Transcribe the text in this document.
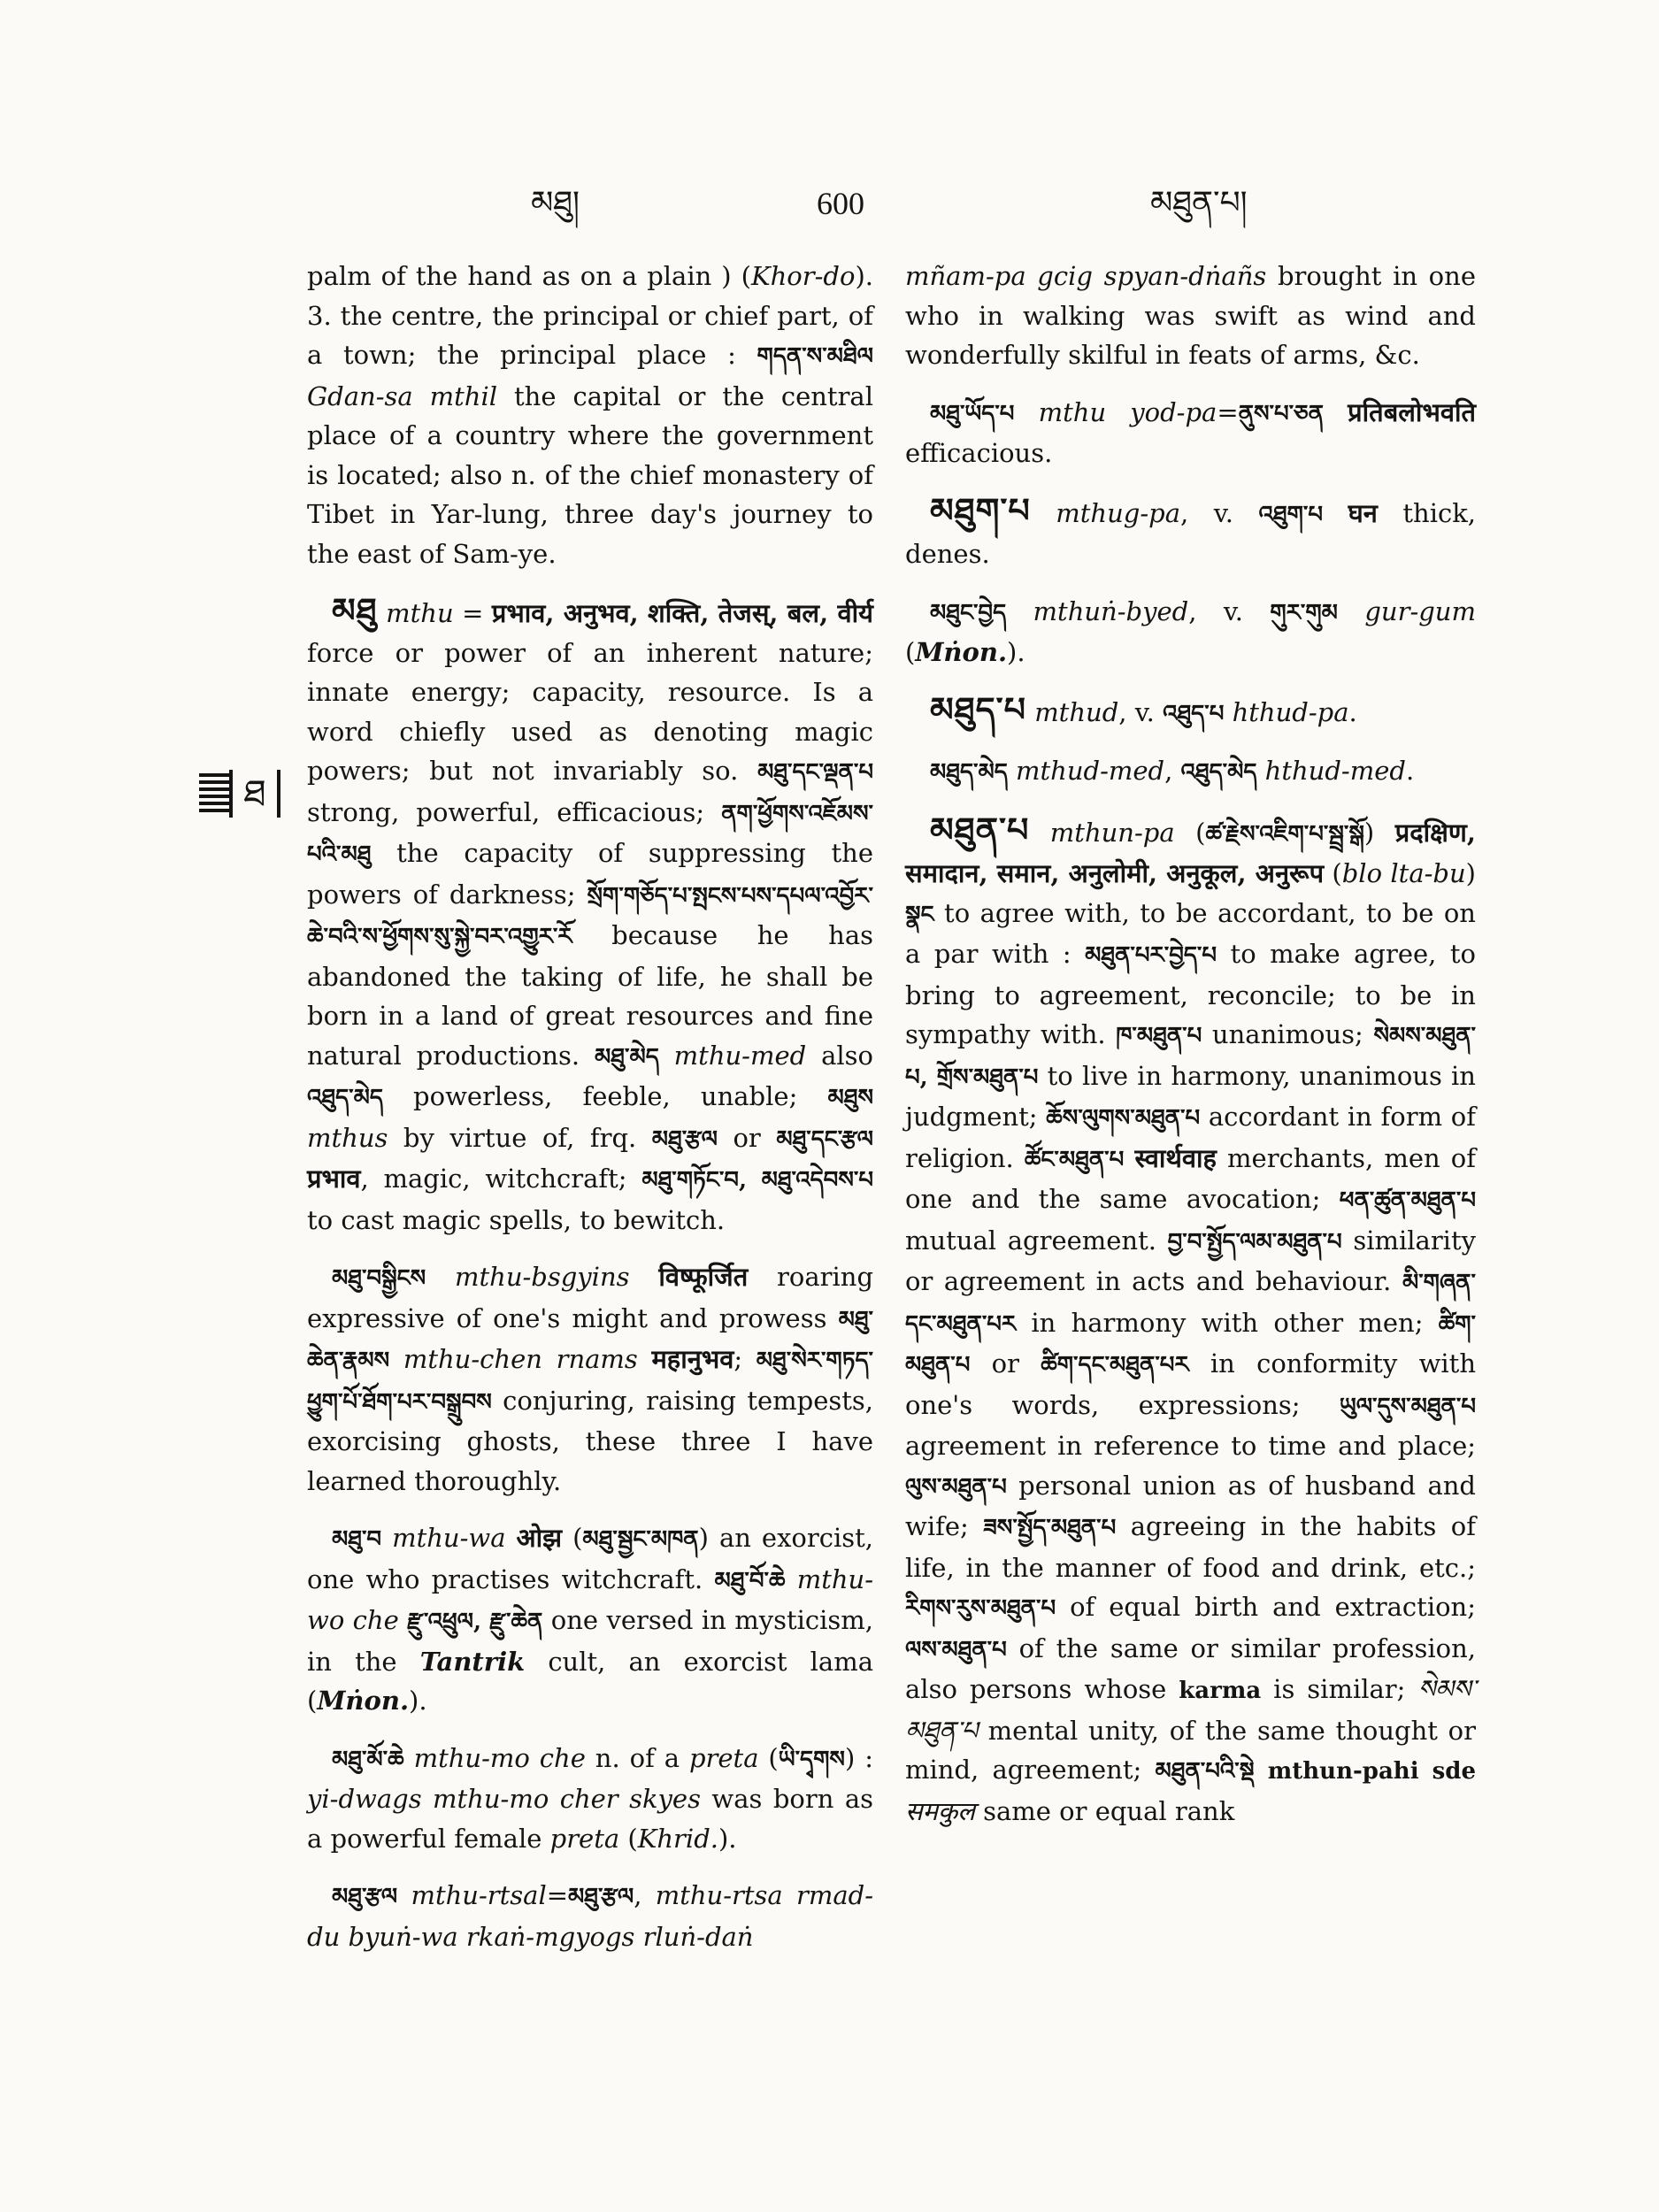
མཐུ།	600	མཐུན་པ།
ཐ

palm of the hand as on a plain ) (Khor-do). 3. the centre, the principal or chief part, of a town; the principal place : གདན་ས་མཐིལ Gdan-sa mthil the capital or the central place of a country where the government is located; also n. of the chief monastery of Tibet in Yar-lung, three day's journey to the east of Sam-ye.

མཐུ mthu = प्रभाव, अनुभव, शक्ति, तेजस्, बल, वीर्य force or power of an inherent nature; innate energy; capacity, resource. Is a word chiefly used as denoting magic powers; but not invariably so. མཐུ་དང་ལྡན་པ strong, powerful, efficacious; ནག་ཕྱོགས་འཇོམས་པའི་མཐུ the capacity of suppressing the powers of darkness; སྲོག་གཅོད་པ་སྤངས་པས་དཔལ་འབྱོར་ཆེ་བའི་ས་ཕྱོགས་སུ་སྐྱེ་བར་འགྱུར་རོ because he has abandoned the taking of life, he shall be born in a land of great resources and fine natural productions. མཐུ་མེད mthu-med also འཐུད་མེད powerless, feeble, unable; མཐུས mthus by virtue of, frq. མཐུ་རྩལ or མཐུ་དང་རྩལ प्रभाव, magic, witchcraft; མཐུ་གཏོང་བ, མཐུ་འདེབས་པ to cast magic spells, to bewitch.

མཐུ་བསྒྱིངས mthu-bsgyins विष्फूर्जित roaring expressive of one's might and prowess མཐུ་ཆེན་རྣམས mthu-chen rnams महानुभव; མཐུ་སེར་གཏད་ཕྱུག་པོ་ཐོག་པར་བསྒྲུབས conjuring, raising tempests, exorcising ghosts, these three I have learned thoroughly.

མཐུ་བ mthu-wa ओझ (མཐུ་སྦྱང་མཁན) an exorcist, one who practises witchcraft. མཐུ་བོ་ཆེ mthu-wo che རྫུ་འཕྲུལ, རྫུ་ཆེན one versed in mysticism, in the Tantrik cult, an exorcist lama (Mṅon.).

མཐུ་མོ་ཆེ mthu-mo che n. of a preta (ཡི་དྭགས) : yi-dwags mthu-mo cher skyes was born as a powerful female preta (Khrid.).

མཐུ་རྩལ mthu-rtsal=མཐུ་རྩལ, mthu-rtsa rmad-du byuṅ-wa rkaṅ-mgyogs rluṅ-daṅ

mñam-pa gcig spyan-dṅañs brought in one who in walking was swift as wind and wonderfully skilful in feats of arms, &c.

མཐུ་ཡོད་པ mthu yod-pa=ནུས་པ་ཅན प्रतिबलोभवति efficacious.

མཐུག་པ mthug-pa, v. འཐུག་པ घन thick, denes.

མཐུང་བྱེད mthuṅ-byed, v. གུར་གུམ gur-gum (Mṅon.).

མཐུད་པ mthud, v. འཐུད་པ hthud-pa.

མཐུད་མེད mthud-med, འཐུད་མེད hthud-med.

མཐུན་པ mthun-pa (ཚ་རྗེས་འཇིག་པ་སྦྲ་སྒོ) प्रदक्षिण, समादान, समान, अनुलोमी, अनुकूल, अनुरूप (blo lta-bu) སྣང to agree with, to be accordant, to be on a par with : མཐུན་པར་བྱེད་པ to make agree, to bring to agreement, reconcile; to be in sympathy with. ཁ་མཐུན་པ unanimous; སེམས་མཐུན་པ, གྲོས་མཐུན་པ to live in harmony, unanimous in judgment; ཆོས་ལུགས་མཐུན་པ accordant in form of religion. ཚོང་མཐུན་པ स्वार्थवाह merchants, men of one and the same avocation; ཕན་ཚུན་མཐུན་པ mutual agreement. བྱ་བ་སྤྱོད་ལམ་མཐུན་པ similarity or agreement in acts and behaviour. མི་གཞན་དང་མཐུན་པར in harmony with other men; ཚིག་མཐུན་པ or ཚིག་དང་མཐུན་པར in conformity with one's words, expressions; ཡུལ་དུས་མཐུན་པ agreement in reference to time and place; ལུས་མཐུན་པ personal union as of husband and wife; ཟས་སྤྱོད་མཐུན་པ agreeing in the habits of life, in the manner of food and drink, etc.; རིགས་རུས་མཐུན་པ of equal birth and extraction; ལས་མཐུན་པ of the same or similar profession, also persons whose karma is similar; སེམས་མཐུན་པ mental unity, of the same thought or mind, agreement; མཐུན་པའི་སྡེ mthun-pahi sde समकुल same or equal rank
